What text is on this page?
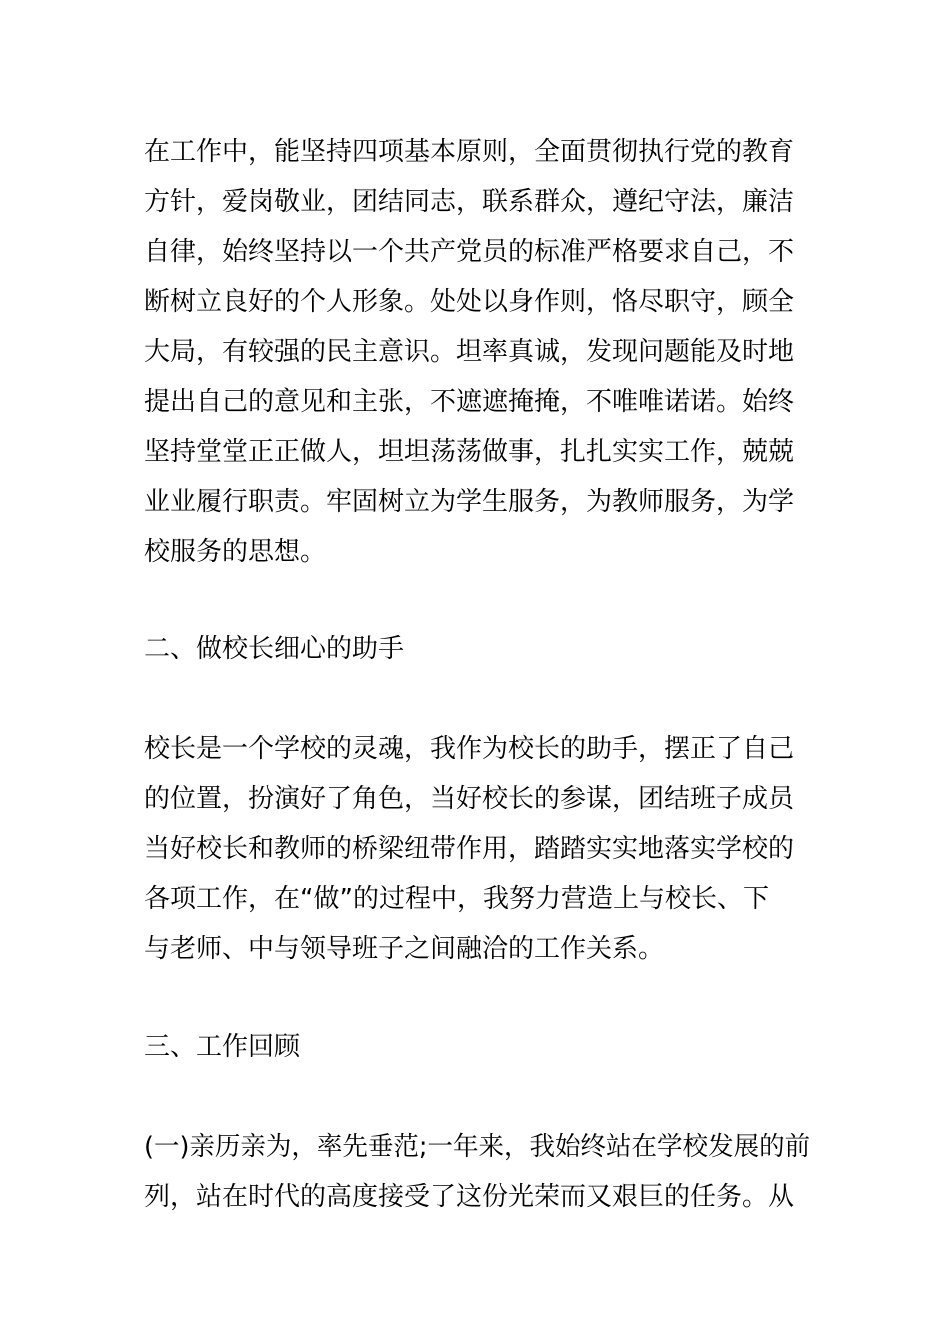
在工作中，能坚持四项基本原则，全面贯彻执行党的教育
方针，爱岗敬业，团结同志，联系群众，遵纪守法，廉洁
自律，始终坚持以一个共产党员的标准严格要求自己，不
断树立良好的个人形象。处处以身作则，恪尽职守，顾全
大局，有较强的民主意识。坦率真诚，发现问题能及时地
提出自己的意见和主张，不遮遮掩掩，不唯唯诺诺。始终
坚持堂堂正正做人，坦坦荡荡做事，扎扎实实工作，兢兢
业业履行职责。牢固树立为学生服务，为教师服务，为学
校服务的思想。
二、做校长细心的助手
校长是一个学校的灵魂，我作为校长的助手，摆正了自己
的位置，扮演好了角色，当好校长的参谋，团结班子成员
当好校长和教师的桥梁纽带作用，踏踏实实地落实学校的
各项工作，在“做”的过程中，我努力营造上与校长、下
与老师、中与领导班子之间融洽的工作关系。
三、工作回顾
(一)亲历亲为，率先垂范;一年来，我始终站在学校发展的前
列，站在时代的高度接受了这份光荣而又艰巨的任务。从
